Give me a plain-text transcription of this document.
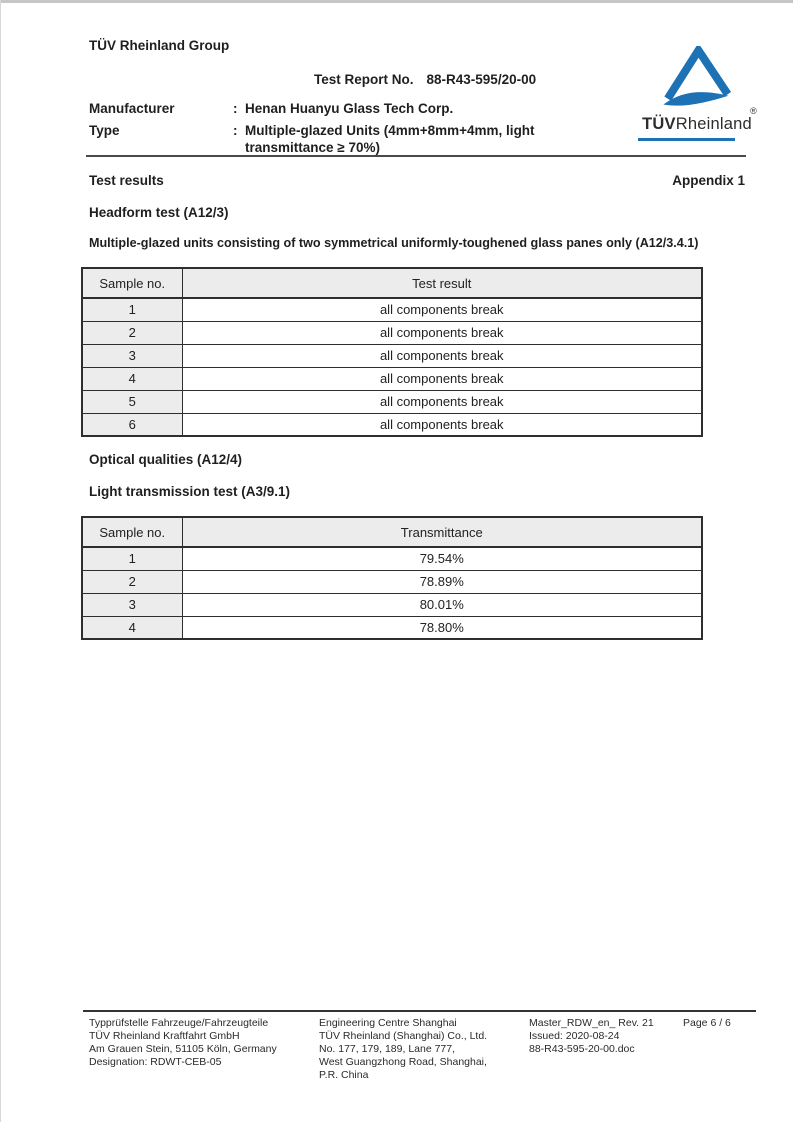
TÜV Rheinland Group
Test Report No. 88-R43-595/20-00
Manufacturer	: Henan Huanyu Glass Tech Corp.
Type	: Multiple-glazed Units (4mm+8mm+4mm, light transmittance ≥ 70%)
TÜVRheinland
®
Test results	Appendix 1
Headform test (A12/3)
Multiple-glazed units consisting of two symmetrical uniformly-toughened glass panes only (A12/3.4.1)
Sample no.	Test result
1	all components break
2	all components break
3	all components break
4	all components break
5	all components break
6	all components break
Optical qualities (A12/4)
Light transmission test (A3/9.1)
Sample no.	Transmittance
1	79.54%
2	78.89%
3	80.01%
4	78.80%
Typprüfstelle Fahrzeuge/Fahrzeugteile
TÜV Rheinland Kraftfahrt GmbH
Am Grauen Stein, 51105 Köln, Germany
Designation: RDWT-CEB-05
Engineering Centre Shanghai
TÜV Rheinland (Shanghai) Co., Ltd.
No. 177, 179, 189, Lane 777,
West Guangzhong Road, Shanghai,
P.R. China
Master_RDW_en_ Rev. 21
Issued: 2020-08-24
88-R43-595-20-00.doc
Page 6 / 6
